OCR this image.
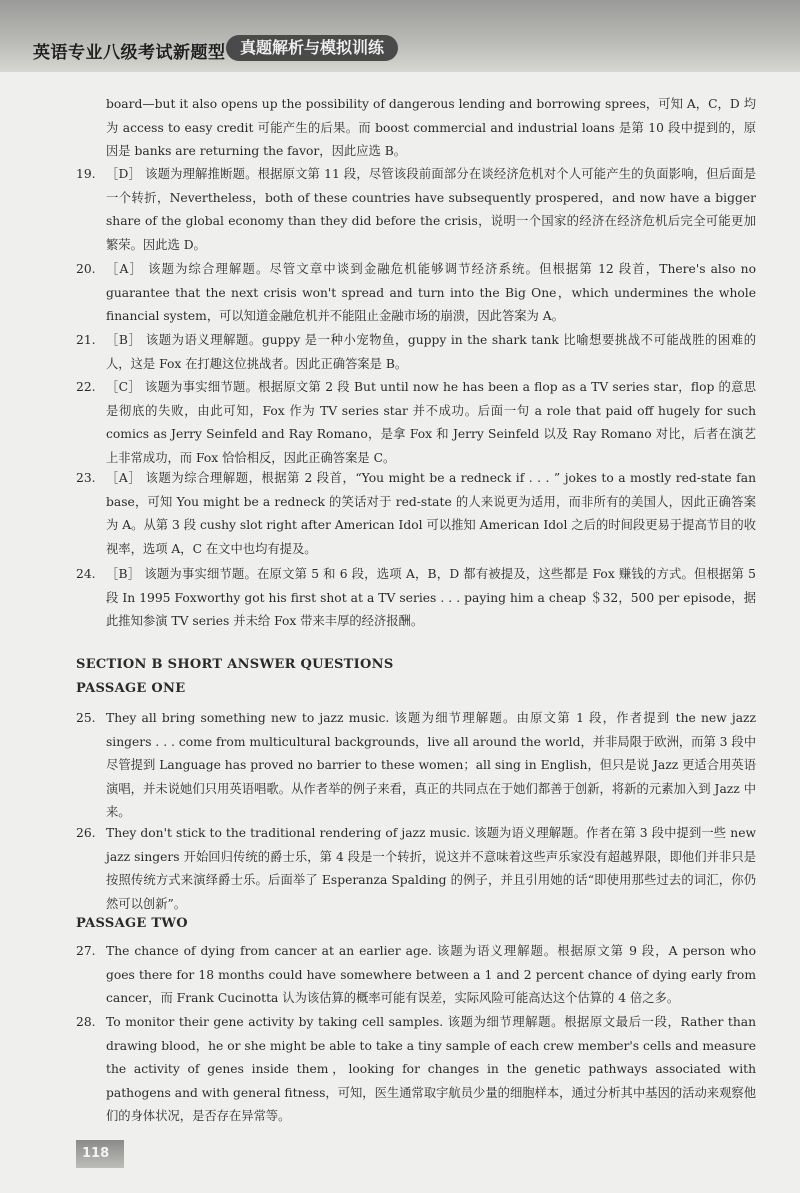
英语专业八级考试新题型 真题解析与模拟训练
board—but it also opens up the possibility of dangerous lending and borrowing sprees，可知 A，C，D 均为 access to easy credit 可能产生的后果。而 boost commercial and industrial loans 是第 10 段中提到的，原因是 banks are returning the favor，因此应选 B。
19. ［D］ 该题为理解推断题。根据原文第 11 段，尽管该段前面部分在谈经济危机对个人可能产生的负面影响，但后面是一个转折，Nevertheless，both of these countries have subsequently prospered，and now have a bigger share of the global economy than they did before the crisis，说明一个国家的经济在经济危机后完全可能更加繁荣。因此选 D。
20. ［A］ 该题为综合理解题。尽管文章中谈到金融危机能够调节经济系统。但根据第 12 段首，There's also no guarantee that the next crisis won't spread and turn into the Big One，which undermines the whole financial system，可以知道金融危机并不能阻止金融市场的崩溃，因此答案为 A。
21. ［B］ 该题为语义理解题。guppy 是一种小宠物鱼，guppy in the shark tank 比喻想要挑战不可能战胜的困难的人，这是 Fox 在打趣这位挑战者。因此正确答案是 B。
22. ［C］ 该题为事实细节题。根据原文第 2 段 But until now he has been a flop as a TV series star，flop 的意思是彻底的失败，由此可知，Fox 作为 TV series star 并不成功。后面一句 a role that paid off hugely for such comics as Jerry Seinfeld and Ray Romano，是拿 Fox 和 Jerry Seinfeld 以及 Ray Romano 对比，后者在演艺上非常成功，而 Fox 恰恰相反，因此正确答案是 C。
23. ［A］ 该题为综合理解题，根据第 2 段首，“You might be a redneck if . . . ” jokes to a mostly red-state fan base，可知 You might be a redneck 的笑话对于 red-state 的人来说更为适用，而非所有的美国人，因此正确答案为 A。从第 3 段 cushy slot right after American Idol 可以推知 American Idol 之后的时间段更易于提高节目的收视率，选项 A，C 在文中也均有提及。
24. ［B］ 该题为事实细节题。在原文第 5 和 6 段，选项 A，B，D 都有被提及，这些都是 Fox 赚钱的方式。但根据第 5 段 In 1995 Foxworthy got his first shot at a TV series . . . paying him a cheap ＄32，500 per episode，据此推知参演 TV series 并未给 Fox 带来丰厚的经济报酬。
SECTION B SHORT ANSWER QUESTIONS
PASSAGE ONE
25. They all bring something new to jazz music. 该题为细节理解题。由原文第 1 段，作者提到 the new jazz singers . . . come from multicultural backgrounds，live all around the world，并非局限于欧洲，而第 3 段中尽管提到 Language has proved no barrier to these women；all sing in English，但只是说 Jazz 更适合用英语演唱，并未说她们只用英语唱歌。从作者举的例子来看，真正的共同点在于她们都善于创新，将新的元素加入到 Jazz 中来。
26. They don't stick to the traditional rendering of jazz music. 该题为语义理解题。作者在第 3 段中提到一些 new jazz singers 开始回归传统的爵士乐，第 4 段是一个转折，说这并不意味着这些声乐家没有超越界限，即他们并非只是按照传统方式来演绎爵士乐。后面举了 Esperanza Spalding 的例子，并且引用她的话“即使用那些过去的词汇，你仍然可以创新”。
PASSAGE TWO
27. The chance of dying from cancer at an earlier age. 该题为语义理解题。根据原文第 9 段，A person who goes there for 18 months could have somewhere between a 1 and 2 percent chance of dying early from cancer，而 Frank Cucinotta 认为该估算的概率可能有误差，实际风险可能高达这个估算的 4 倍之多。
28. To monitor their gene activity by taking cell samples. 该题为细节理解题。根据原文最后一段，Rather than drawing blood，he or she might be able to take a tiny sample of each crew member's cells and measure the activity of genes inside them，looking for changes in the genetic pathways associated with pathogens and with general fitness，可知，医生通常取宇航员少量的细胞样本，通过分析其中基因的活动来观察他们的身体状况，是否存在异常等。
118
